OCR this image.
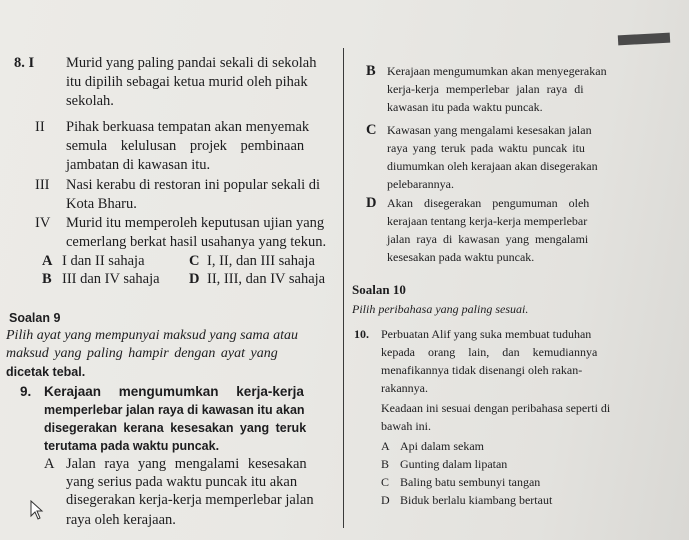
8. I Murid yang paling pandai sekali di sekolah
itu dipilih sebagai ketua murid oleh pihak
sekolah.
II Pihak berkuasa tempatan akan menyemak
semula kelulusan projek pembinaan
jambatan di kawasan itu.
III Nasi kerabu di restoran ini popular sekali di
Kota Bharu.
IV Murid itu memperoleh keputusan ujian yang
cemerlang berkat hasil usahanya yang tekun.
A I dan II sahaja	C I, II, dan III sahaja
B III dan IV sahaja D II, III, dan IV sahaja
Soalan 9
Pilih ayat yang mempunyai maksud yang sama atau
maksud yang paling hampir dengan ayat yang
dicetak tebal.
9. Kerajaan mengumumkan kerja-kerja
memperlebar jalan raya di kawasan itu akan
disegerakan kerana kesesakan yang teruk
terutama pada waktu puncak.
A Jalan raya yang mengalami kesesakan
yang serius pada waktu puncak itu akan
disegerakan kerja-kerja memperlebar jalan
raya oleh kerajaan.
B Kerajaan mengumumkan akan menyegerakan
kerja-kerja memperlebar jalan raya di
kawasan itu pada waktu puncak.
C Kawasan yang mengalami kesesakan jalan
raya yang teruk pada waktu puncak itu
diumumkan oleh kerajaan akan disegerakan
pelebarannya.
D Akan disegerakan pengumuman oleh
kerajaan tentang kerja-kerja memperlebar
jalan raya di kawasan yang mengalami
kesesakan pada waktu puncak.
Soalan 10
Pilih peribahasa yang paling sesuai.
10. Perbuatan Alif yang suka membuat tuduhan
kepada orang lain, dan kemudiannya
menafikannya tidak disenangi oleh rakan-
rakannya.
Keadaan ini sesuai dengan peribahasa seperti di
bawah ini.
A Api dalam sekam
B Gunting dalam lipatan
C Baling batu sembunyi tangan
D Biduk berlalu kiambang bertaut
